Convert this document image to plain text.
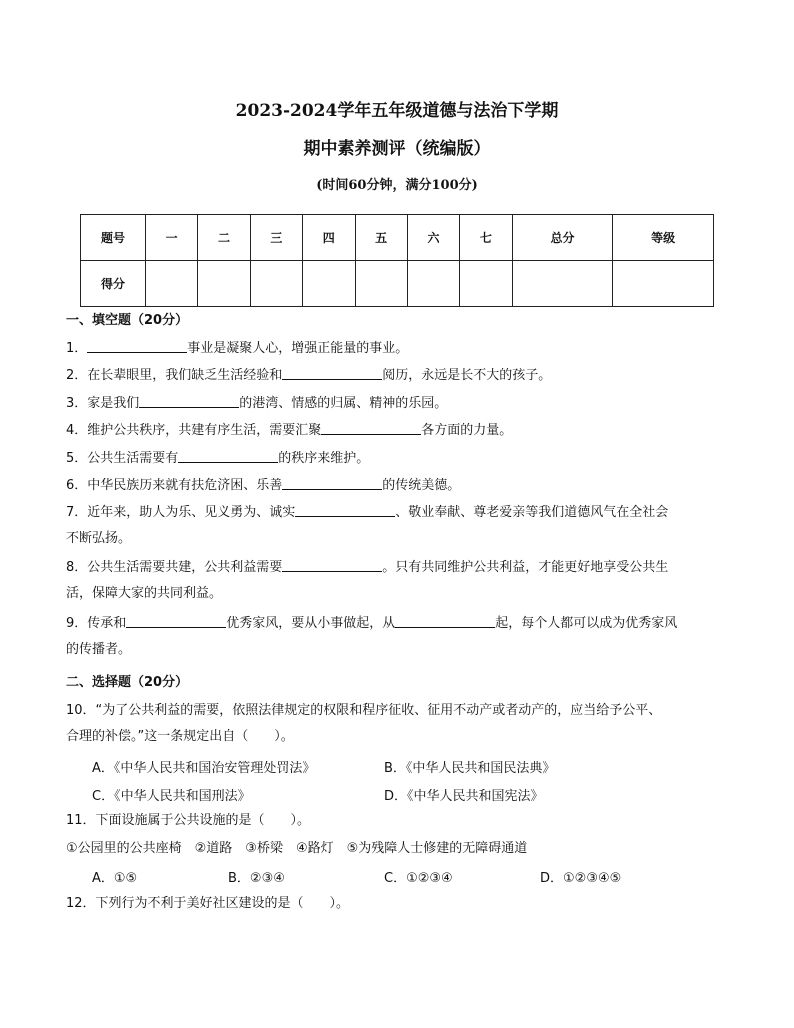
2023-2024学年五年级道德与法治下学期
期中素养测评（统编版）
(时间60分钟，满分100分)
题号	一	二	三	四	五	六	七	总分	等级
得分									
一、填空题（20分）
1．	事业是凝聚人心，增强正能量的事业。
2．在长辈眼里，我们缺乏生活经验和	阅历，永远是长不大的孩子。
3．家是我们	的港湾、情感的归属、精神的乐园。
4．维护公共秩序，共建有序生活，需要汇聚	各方面的力量。
5．公共生活需要有	的秩序来维护。
6．中华民族历来就有扶危济困、乐善	的传统美德。
7．近年来，助人为乐、见义勇为、诚实	、敬业奉献、尊老爱亲等我们道德风气在全社会
不断弘扬。
8．公共生活需要共建，公共利益需要	。只有共同维护公共利益，才能更好地享受公共生
活，保障大家的共同利益。
9．传承和	优秀家风，要从小事做起，从	起，每个人都可以成为优秀家风
的传播者。
二、选择题（20分）
10．“为了公共利益的需要，依照法律规定的权限和程序征收、征用不动产或者动产的，应当给予公平、
合理的补偿。”这一条规定出自（　　）。
A．《中华人民共和国治安管理处罚法》	B．《中华人民共和国民法典》
C．《中华人民共和国刑法》	D．《中华人民共和国宪法》
11．下面设施属于公共设施的是（　　）。
①公园里的公共座椅　②道路　③桥梁　④路灯　⑤为残障人士修建的无障碍通道
A．①⑤	B．②③④	C．①②③④	D．①②③④⑤
12．下列行为不利于美好社区建设的是（　　）。
